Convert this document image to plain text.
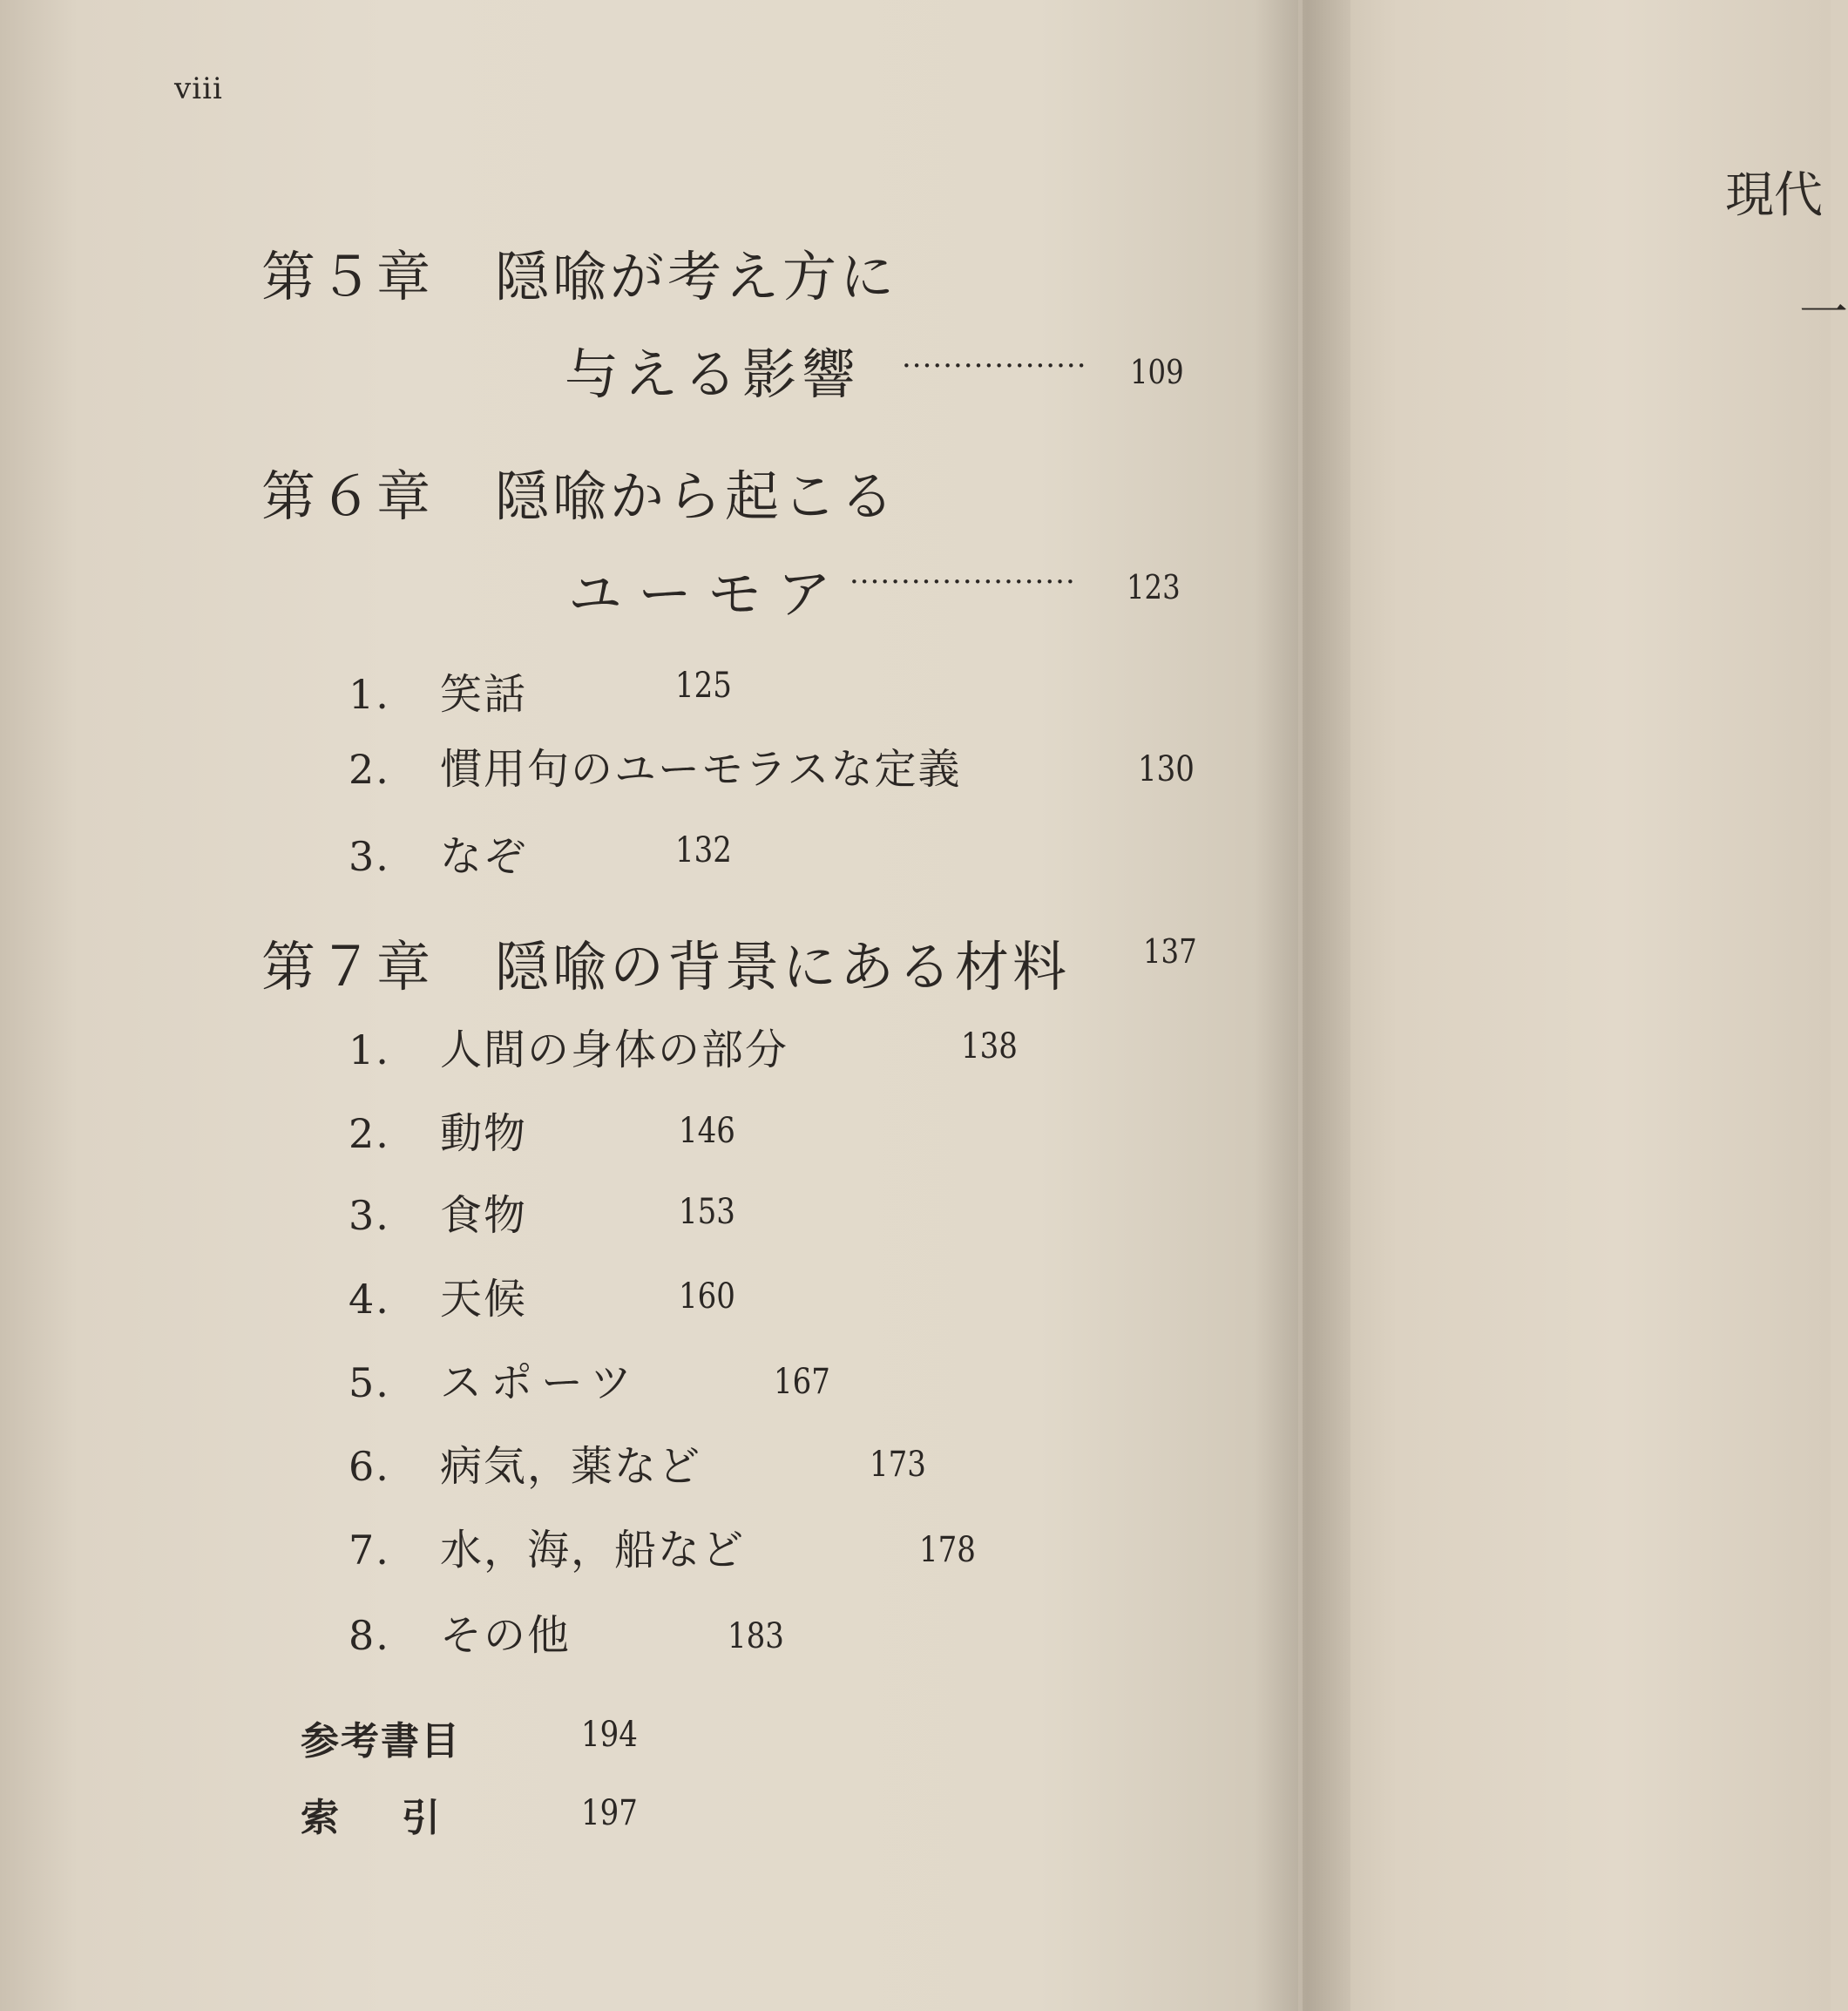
viii
第５章 隠喩が考え方に
与える影響 ·················· 109
第６章 隠喩から起こる
ユーモア ······················ 123
1. 笑話	125
2. 慣用句のユーモラスな定義	130
3. なぞ	132
第７章 隠喩の背景にある材料 137
1. 人間の身体の部分	138
2. 動物	146
3. 食物	153
4. 天候	160
5. スポーツ	167
6. 病気，薬など	173
7. 水，海，船など	178
8. その他	183
参考書目	194
索　引	197
現代
一
